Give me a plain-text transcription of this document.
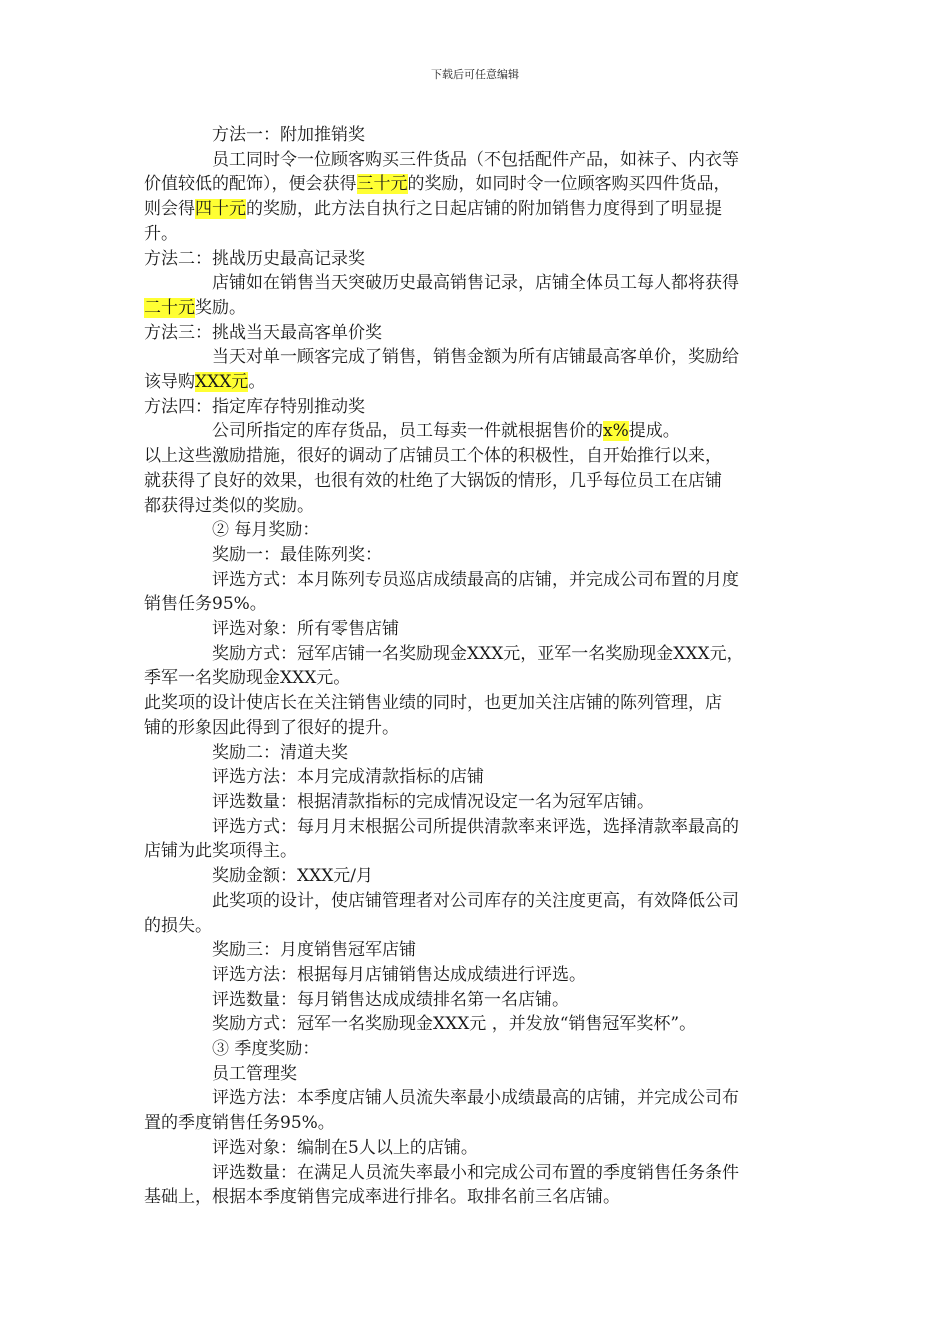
下载后可任意编辑
方法一：附加推销奖
员工同时令一位顾客购买三件货品（不包括配件产品，如袜子、内衣等
价值较低的配饰），便会获得三十元的奖励，如同时令一位顾客购买四件货品，
则会得四十元的奖励，此方法自执行之日起店铺的附加销售力度得到了明显提
升。
方法二：挑战历史最高记录奖
店铺如在销售当天突破历史最高销售记录，店铺全体员工每人都将获得
二十元奖励。
方法三：挑战当天最高客单价奖
当天对单一顾客完成了销售，销售金额为所有店铺最高客单价，奖励给
该导购XXX元。
方法四：指定库存特别推动奖
公司所指定的库存货品，员工每卖一件就根据售价的x%提成。
以上这些激励措施，很好的调动了店铺员工个体的积极性，自开始推行以来，
就获得了良好的效果，也很有效的杜绝了大锅饭的情形，几乎每位员工在店铺
都获得过类似的奖励。
② 每月奖励：
奖励一：最佳陈列奖：
评选方式：本月陈列专员巡店成绩最高的店铺，并完成公司布置的月度
销售任务95%。
评选对象：所有零售店铺
奖励方式：冠军店铺一名奖励现金XXX元，亚军一名奖励现金XXX元，
季军一名奖励现金XXX元。
此奖项的设计使店长在关注销售业绩的同时，也更加关注店铺的陈列管理，店
铺的形象因此得到了很好的提升。
奖励二：清道夫奖
评选方法：本月完成清款指标的店铺
评选数量：根据清款指标的完成情况设定一名为冠军店铺。
评选方式：每月月末根据公司所提供清款率来评选，选择清款率最高的
店铺为此奖项得主。
奖励金额：XXX元/月
此奖项的设计，使店铺管理者对公司库存的关注度更高，有效降低公司
的损失。
奖励三：月度销售冠军店铺
评选方法：根据每月店铺销售达成成绩进行评选。
评选数量：每月销售达成成绩排名第一名店铺。
奖励方式：冠军一名奖励现金XXX元 ，并发放“销售冠军奖杯”。
③ 季度奖励：
员工管理奖
评选方法：本季度店铺人员流失率最小成绩最高的店铺，并完成公司布
置的季度销售任务95%。
评选对象：编制在5人以上的店铺。
评选数量：在满足人员流失率最小和完成公司布置的季度销售任务条件
基础上，根据本季度销售完成率进行排名。取排名前三名店铺。
